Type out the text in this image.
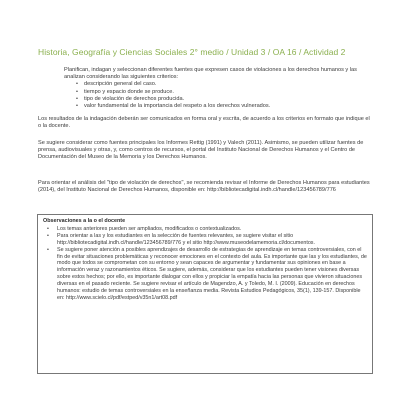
Historia, Geografía y Ciencias Sociales 2° medio / Unidad 3 / OA 16 / Actividad 2

Planifican, indagan y seleccionan diferentes fuentes que expresen casos de violaciones a los derechos humanos y las analizan considerando las siguientes criterios:

• descripción general del caso.
• tiempo y espacio donde se produce.
• tipo de violación de derechos producida.
• valor fundamental de la importancia del respeto a los derechos vulnerados.

Los resultados de la indagación deberán ser comunicados en forma oral y escrita, de acuerdo a los criterios en formato que indique el o la docente.

Se sugiere considerar como fuentes principales los Informes Rettig (1991) y Valech (2011). Asimismo, se pueden utilizar fuentes de prensa, audiovisuales y otras, y, como centros de recursos, el portal del Instituto Nacional de Derechos Humanos y el Centro de Documentación del Museo de la Memoria y los Derechos Humanos.

Para orientar el análisis del "tipo de violación de derechos", se recomienda revisar el Informe de Derechos Humanos para estudiantes (2014), del Instituto Nacional de Derechos Humanos, disponible en: http://bibliotecadigital.indh.cl/handle/123456789/776

Observaciones a la o el docente
• Los temas anteriores pueden ser ampliados, modificados o contextualizados.
• Para orientar a las y los estudiantes en la selección de fuentes relevantes, se sugiere visitar el sitio http://bibliotecadigital.indh.cl/handle/123456789/776 y el sitio http://www.museodelamemoria.cl/documentos.
• Se sugiere poner atención a posibles aprendizajes de desarrollo de estrategias de aprendizaje en temas controversiales, con el fin de evitar situaciones problemáticas y reconocer emociones en el contexto del aula. Es importante que las y los estudiantes, de modo que todos se comprometan con su entorno y sean capaces de argumentar y fundamentar sus opiniones en base a información veraz y razonamientos éticos. Se sugiere, además, considerar que los estudiantes pueden tener visiones diversas sobre estos hechos; por ello, es importante dialogar con ellos y propiciar la empatía hacia las personas que vivieron situaciones diversas en el pasado reciente. Se sugiere revisar el artículo de Magendzo, A. y Toledo, M. I. (2009). Educación en derechos humanos: estudio de temas controversiales en la enseñanza media. Revista Estudios Pedagógicos, 35(1), 139-157. Disponible en: http://www.scielo.cl/pdf/estped/v35n1/art08.pdf
